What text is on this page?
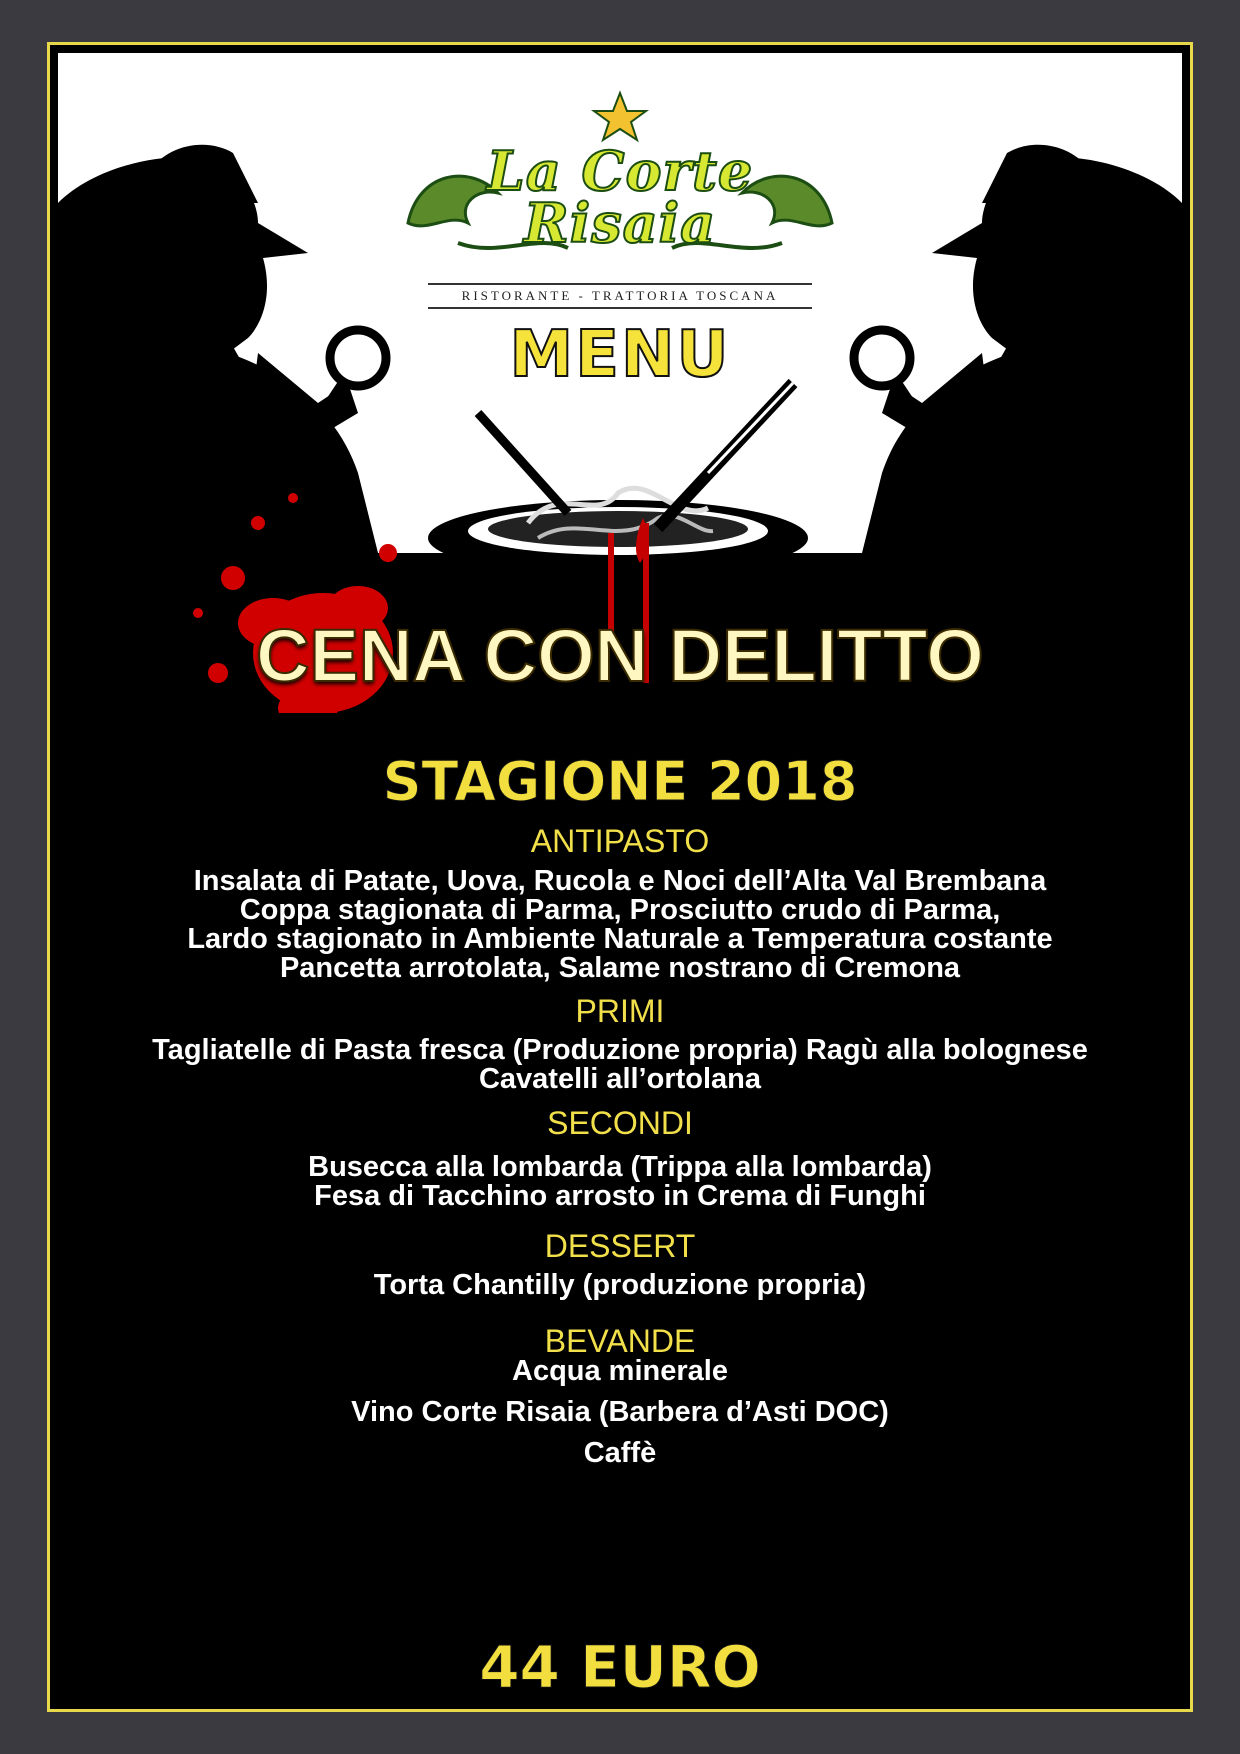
La Corte
Risaia
RISTORANTE - TRATTORIA TOSCANA
MENU
CENA CON DELITTO
STAGIONE 2018
ANTIPASTO
Insalata di Patate, Uova, Rucola e Noci dell’Alta Val Brembana
Coppa stagionata di Parma, Prosciutto crudo di Parma,
Lardo stagionato in Ambiente Naturale a Temperatura costante
Pancetta arrotolata, Salame nostrano di Cremona
PRIMI
Tagliatelle di Pasta fresca (Produzione propria) Ragù alla bolognese
Cavatelli all’ortolana
SECONDI
Busecca alla lombarda (Trippa alla lombarda)
Fesa di Tacchino arrosto in Crema di Funghi
DESSERT
Torta Chantilly (produzione propria)
BEVANDE
Acqua minerale
Vino Corte Risaia (Barbera d’Asti DOC)
Caffè
44 EURO
